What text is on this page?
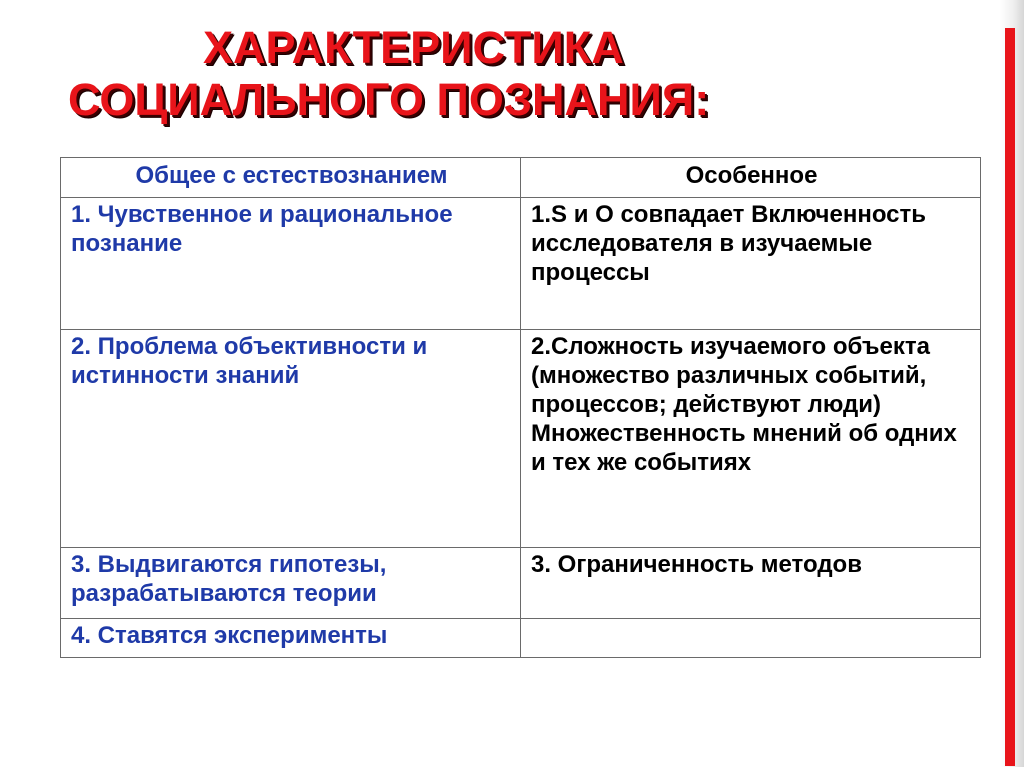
ХАРАКТЕРИСТИКА
СОЦИАЛЬНОГО ПОЗНАНИЯ:
Общее с естествознанием	Особенное
1. Чувственное и рациональное познание	1.S и О совпадает Включенность исследователя в изучаемые процессы
2. Проблема объективности и истинности знаний	2.Сложность изучаемого объекта (множество различных событий, процессов; действуют люди) Множественность мнений об одних и тех же событиях
3. Выдвигаются гипотезы, разрабатываются теории	3. Ограниченность методов
4. Ставятся эксперименты	
